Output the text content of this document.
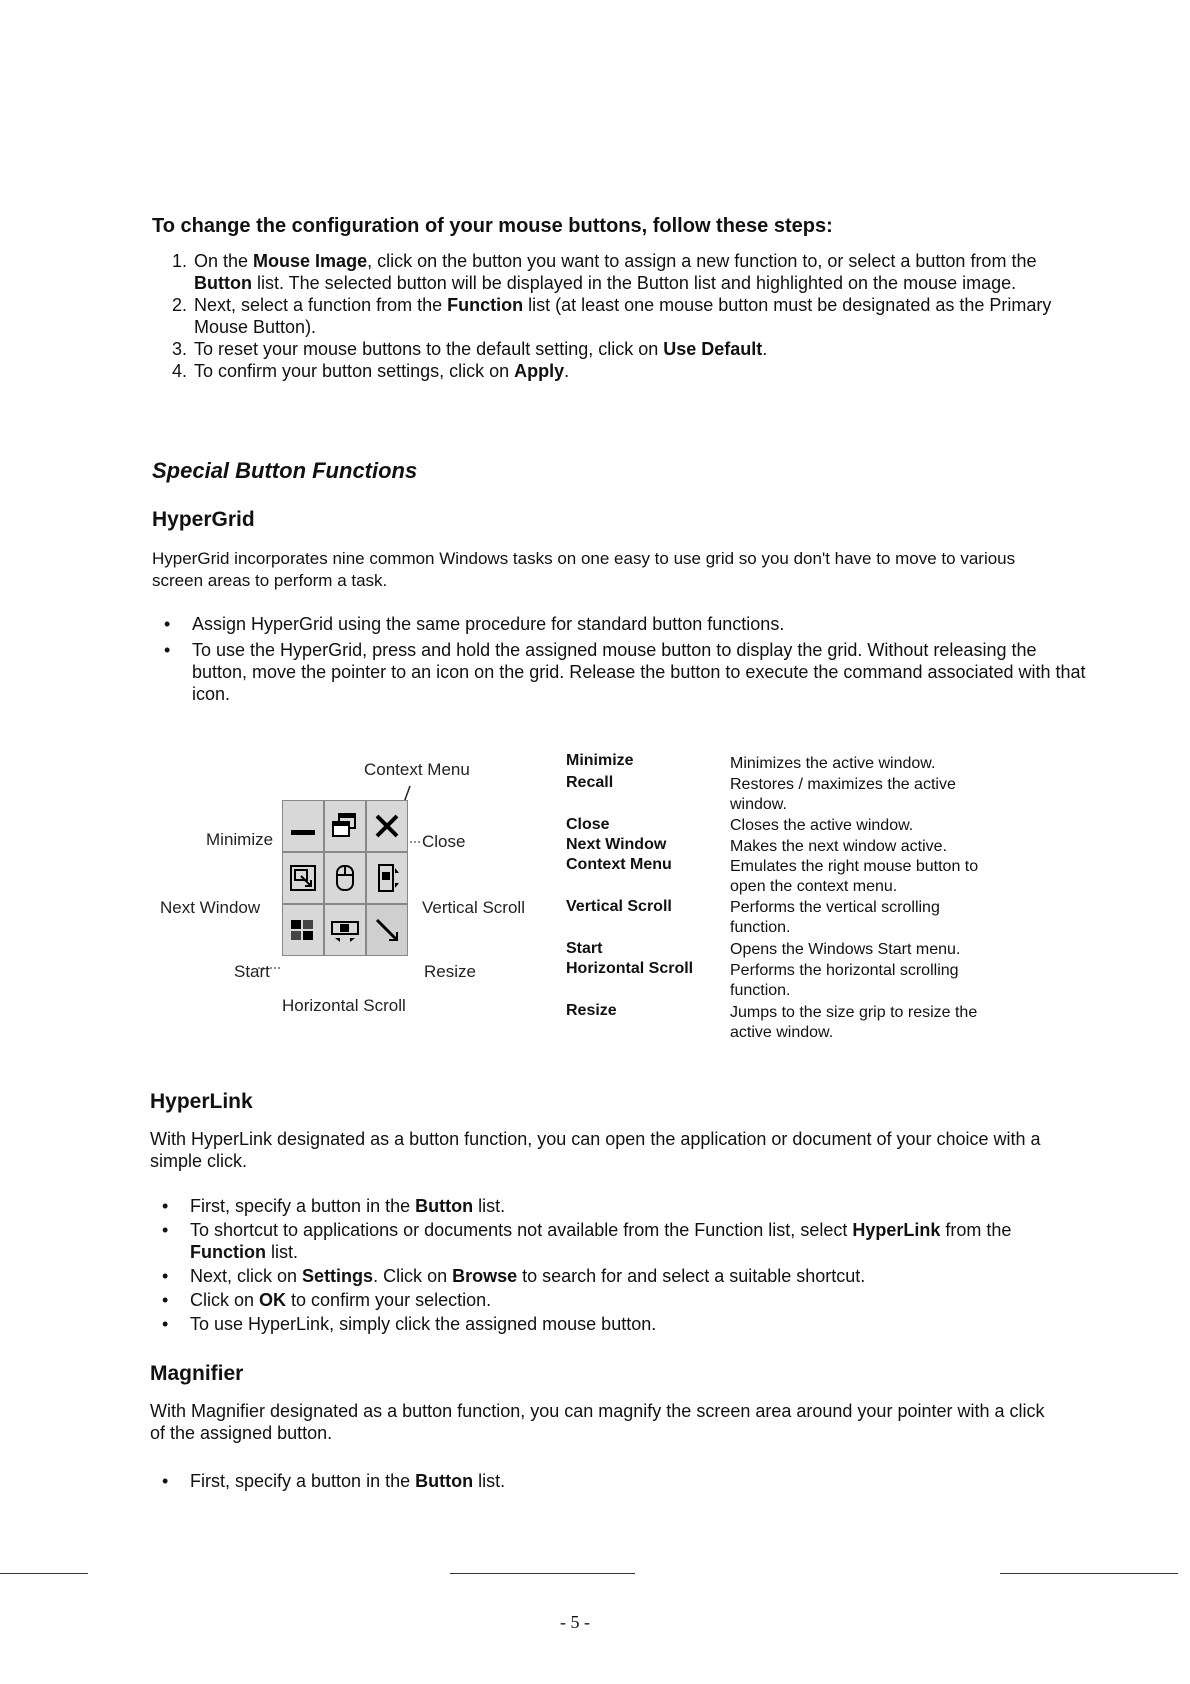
To change the configuration of your mouse buttons, follow these steps:
1. On the Mouse Image, click on the button you want to assign a new function to, or select a button from the Button list. The selected button will be displayed in the Button list and highlighted on the mouse image.
2. Next, select a function from the Function list (at least one mouse button must be designated as the Primary Mouse Button).
3. To reset your mouse buttons to the default setting, click on Use Default.
4. To confirm your button settings, click on Apply.
Special Button Functions
HyperGrid
HyperGrid incorporates nine common Windows tasks on one easy to use grid so you don't have to move to various screen areas to perform a task.
• Assign HyperGrid using the same procedure for standard button functions.
• To use the HyperGrid, press and hold the assigned mouse button to display the grid. Without releasing the button, move the pointer to an icon on the grid. Release the button to execute the command associated with that icon.
Context Menu
Minimize	Close
Next Window	Vertical Scroll
Start	Resize
Horizontal Scroll
Minimize	Minimizes the active window.
Recall	Restores / maximizes the active window.
Close	Closes the active window.
Next Window	Makes the next window active.
Context Menu	Emulates the right mouse button to open the context menu.
Vertical Scroll	Performs the vertical scrolling function.
Start	Opens the Windows Start menu.
Horizontal Scroll Performs the horizontal scrolling function.
Resize	Jumps to the size grip to resize the active window.
HyperLink
With HyperLink designated as a button function, you can open the application or document of your choice with a simple click.
• First, specify a button in the Button list.
• To shortcut to applications or documents not available from the Function list, select HyperLink from the Function list.
• Next, click on Settings. Click on Browse to search for and select a suitable shortcut.
• Click on OK to confirm your selection.
• To use HyperLink, simply click the assigned mouse button.
Magnifier
With Magnifier designated as a button function, you can magnify the screen area around your pointer with a click of the assigned button.
• First, specify a button in the Button list.
- 5 -
